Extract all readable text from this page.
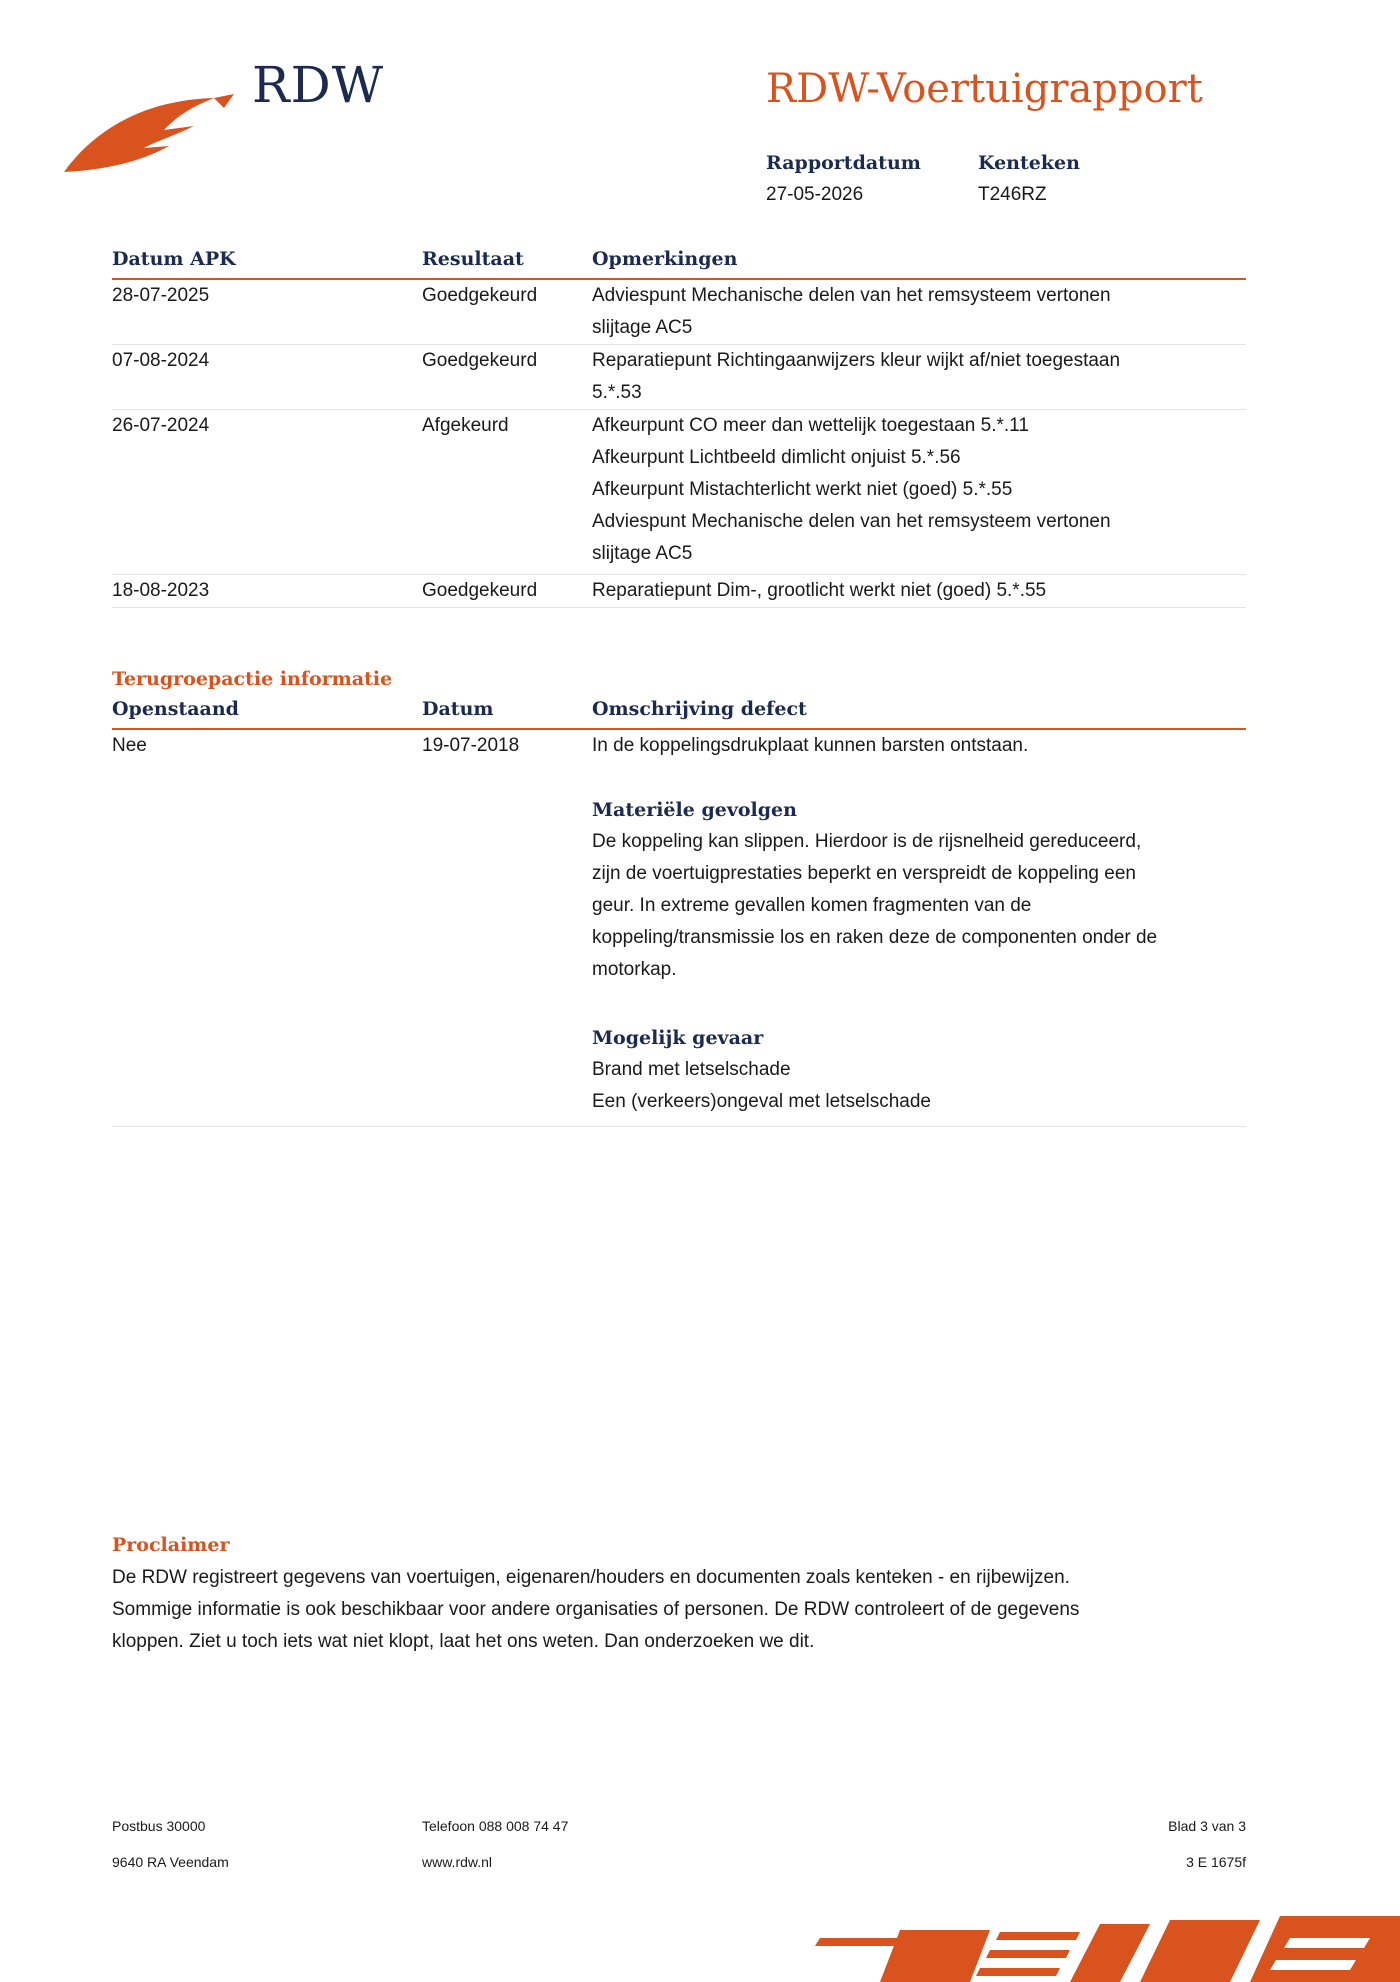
RDW	RDW-Voertuigrapport
Rapportdatum
27-05-2026
Kenteken
T246RZ
Datum APK	Resultaat	Opmerkingen
28-07-2025	Goedgekeurd	Adviespunt Mechanische delen van het remsysteem vertonen
slijtage AC5
07-08-2024	Goedgekeurd	Reparatiepunt Richtingaanwijzers kleur wijkt af/niet toegestaan
5.*.53
26-07-2024	Afgekeurd	Afkeurpunt CO meer dan wettelijk toegestaan 5.*.11
Afkeurpunt Lichtbeeld dimlicht onjuist 5.*.56
Afkeurpunt Mistachterlicht werkt niet (goed) 5.*.55
Adviespunt Mechanische delen van het remsysteem vertonen
slijtage AC5
18-08-2023	Goedgekeurd	Reparatiepunt Dim-, grootlicht werkt niet (goed) 5.*.55
Terugroepactie informatie
Openstaand	Datum	Omschrijving defect
Nee	19-07-2018	In de koppelingsdrukplaat kunnen barsten ontstaan.
Materiële gevolgen
De koppeling kan slippen. Hierdoor is de rijsnelheid gereduceerd,
zijn de voertuigprestaties beperkt en verspreidt de koppeling een
geur. In extreme gevallen komen fragmenten van de
koppeling/transmissie los en raken deze de componenten onder de
motorkap.
Mogelijk gevaar
Brand met letselschade
Een (verkeers)ongeval met letselschade
Proclaimer
De RDW registreert gegevens van voertuigen, eigenaren/houders en documenten zoals kenteken - en rijbewijzen.
Sommige informatie is ook beschikbaar voor andere organisaties of personen. De RDW controleert of de gegevens
kloppen. Ziet u toch iets wat niet klopt, laat het ons weten. Dan onderzoeken we dit.
Postbus 30000
9640 RA Veendam
Telefoon 088 008 74 47
www.rdw.nl
Blad 3 van 3
3 E 1675f
